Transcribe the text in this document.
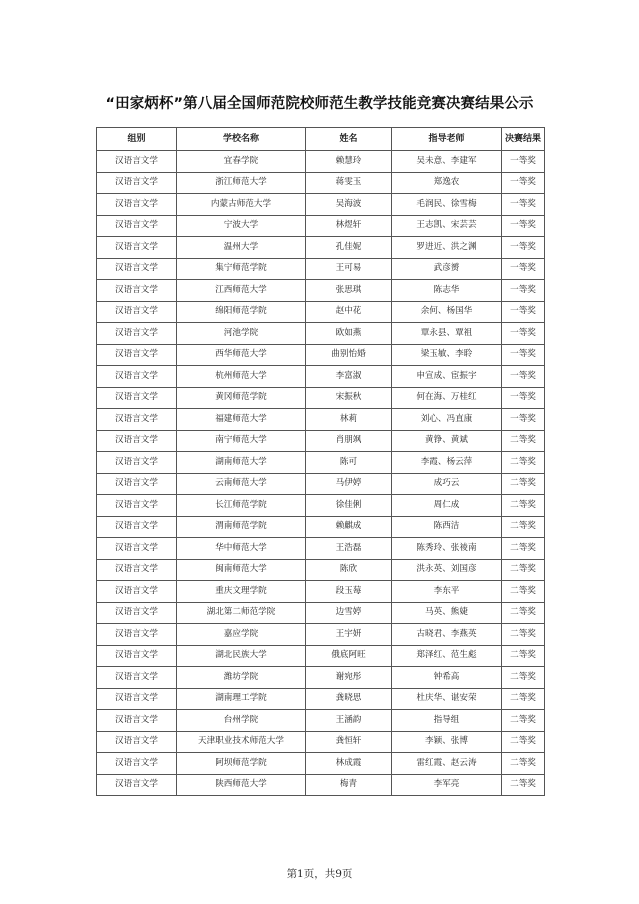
“田家炳杯”第八届全国师范院校师范生教学技能竞赛决赛结果公示
组别	学校名称	姓名	指导老师	决赛结果
汉语言文学	宜春学院	赖慧玲	吴未意、李建军	一等奖
汉语言文学	浙江师范大学	蒋雯玉	郑逸农	一等奖
汉语言文学	内蒙古师范大学	吴海波	毛润民、徐雪梅	一等奖
汉语言文学	宁波大学	林煜轩	王志凯、宋芸芸	一等奖
汉语言文学	温州大学	孔佳妮	罗进近、洪之渊	一等奖
汉语言文学	集宁师范学院	王可易	武彦赟	一等奖
汉语言文学	江西师范大学	张思琪	陈志华	一等奖
汉语言文学	绵阳师范学院	赵中花	余何、杨国华	一等奖
汉语言文学	河池学院	欧如燕	覃永县、覃祖	一等奖
汉语言文学	西华师范大学	曲别怡婚	梁玉敏、李聆	一等奖
汉语言文学	杭州师范大学	李富淑	申宣成、宦振宇	一等奖
汉语言文学	黄冈师范学院	宋振秋	何在海、万桂红	一等奖
汉语言文学	福建师范大学	林莉	刘心、冯直康	一等奖
汉语言文学	南宁师范大学	肖朋飒	黄铮、黄斌	二等奖
汉语言文学	湖南师范大学	陈可	李霞、杨云萍	二等奖
汉语言文学	云南师范大学	马伊婷	成巧云	二等奖
汉语言文学	长江师范学院	徐佳俐	周仁成	二等奖
汉语言文学	渭南师范学院	赖麒成	陈西洁	二等奖
汉语言文学	华中师范大学	王浩磊	陈秀玲、张祾南	二等奖
汉语言文学	闽南师范大学	陈欣	洪永英、刘国彦	二等奖
汉语言文学	重庆文理学院	段玉莓	李东平	二等奖
汉语言文学	湖北第二师范学院	边雪婷	马英、熊婕	二等奖
汉语言文学	嘉应学院	王宇妍	古晓君、李燕英	二等奖
汉语言文学	湖北民族大学	俄底阿旺	郑泽红、范生彪	二等奖
汉语言文学	潍坊学院	谢宛彤	钟希高	二等奖
汉语言文学	湖南理工学院	龚晓思	杜庆华、谌安荣	二等奖
汉语言文学	台州学院	王涵韵	指导组	二等奖
汉语言文学	天津职业技术师范大学	龚恒轩	李颖、张博	二等奖
汉语言文学	阿坝师范学院	林成霞	雷红霞、赵云涛	二等奖
汉语言文学	陕西师范大学	梅青	李军亮	二等奖
第1页，共9页
